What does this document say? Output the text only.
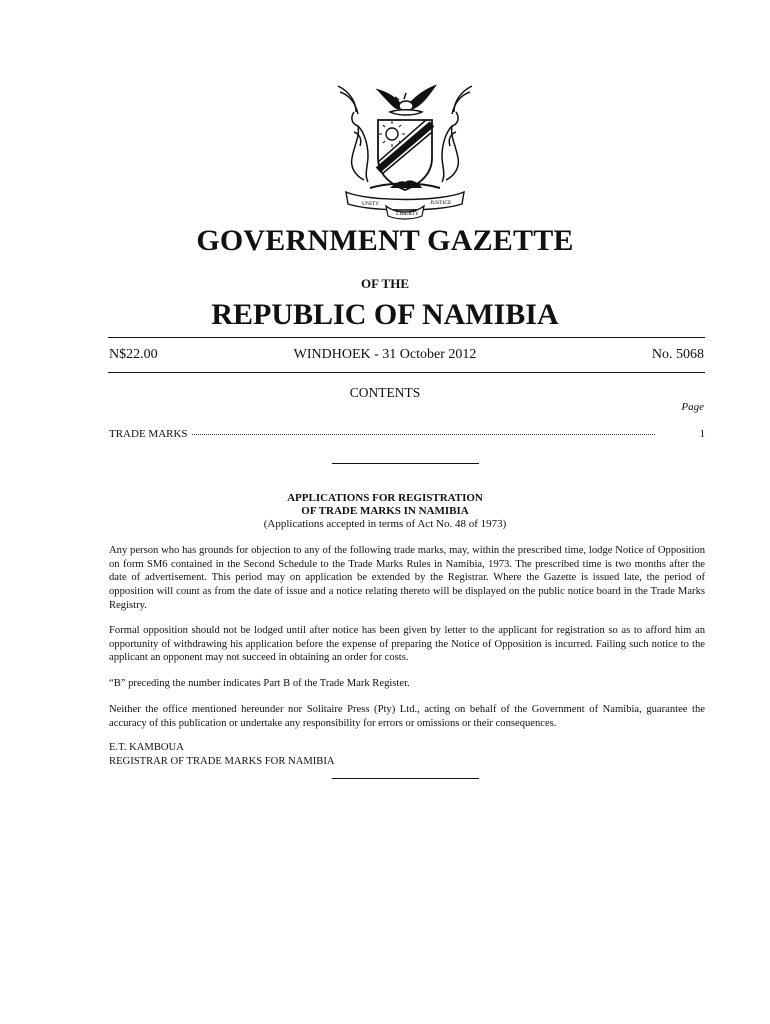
UNITY
LIBERTY
JUSTICE
GOVERNMENT GAZETTE
OF THE
REPUBLIC OF NAMIBIA
N$22.00	WINDHOEK - 31 October 2012	No. 5068
CONTENTS
Page
TRADE MARKS	1
APPLICATIONS FOR REGISTRATION
OF TRADE MARKS IN NAMIBIA
(Applications accepted in terms of Act No. 48 of 1973)

Any person who has grounds for objection to any of the following trade marks, may, within the prescribed time, lodge Notice of Opposition on form SM6 contained in the Second Schedule to the Trade Marks Rules in Namibia, 1973. The prescribed time is two months after the date of advertisement. This period may on application be extended by the Registrar. Where the Gazette is issued late, the period of opposition will count as from the date of issue and a notice relating thereto will be displayed on the public notice board in the Trade Marks Registry.

Formal opposition should not be lodged until after notice has been given by letter to the applicant for registration so as to afford him an opportunity of withdrawing his application before the expense of preparing the Notice of Opposition is incurred. Failing such notice to the applicant an opponent may not succeed in obtaining an order for costs.

“B” preceding the number indicates Part B of the Trade Mark Register.

Neither the office mentioned hereunder nor Solitaire Press (Pty) Ltd., acting on behalf of the Government of Namibia, guarantee the accuracy of this publication or undertake any responsibility for errors or omissions or their consequences.

E.T. KAMBOUA
REGISTRAR OF TRADE MARKS FOR NAMIBIA
